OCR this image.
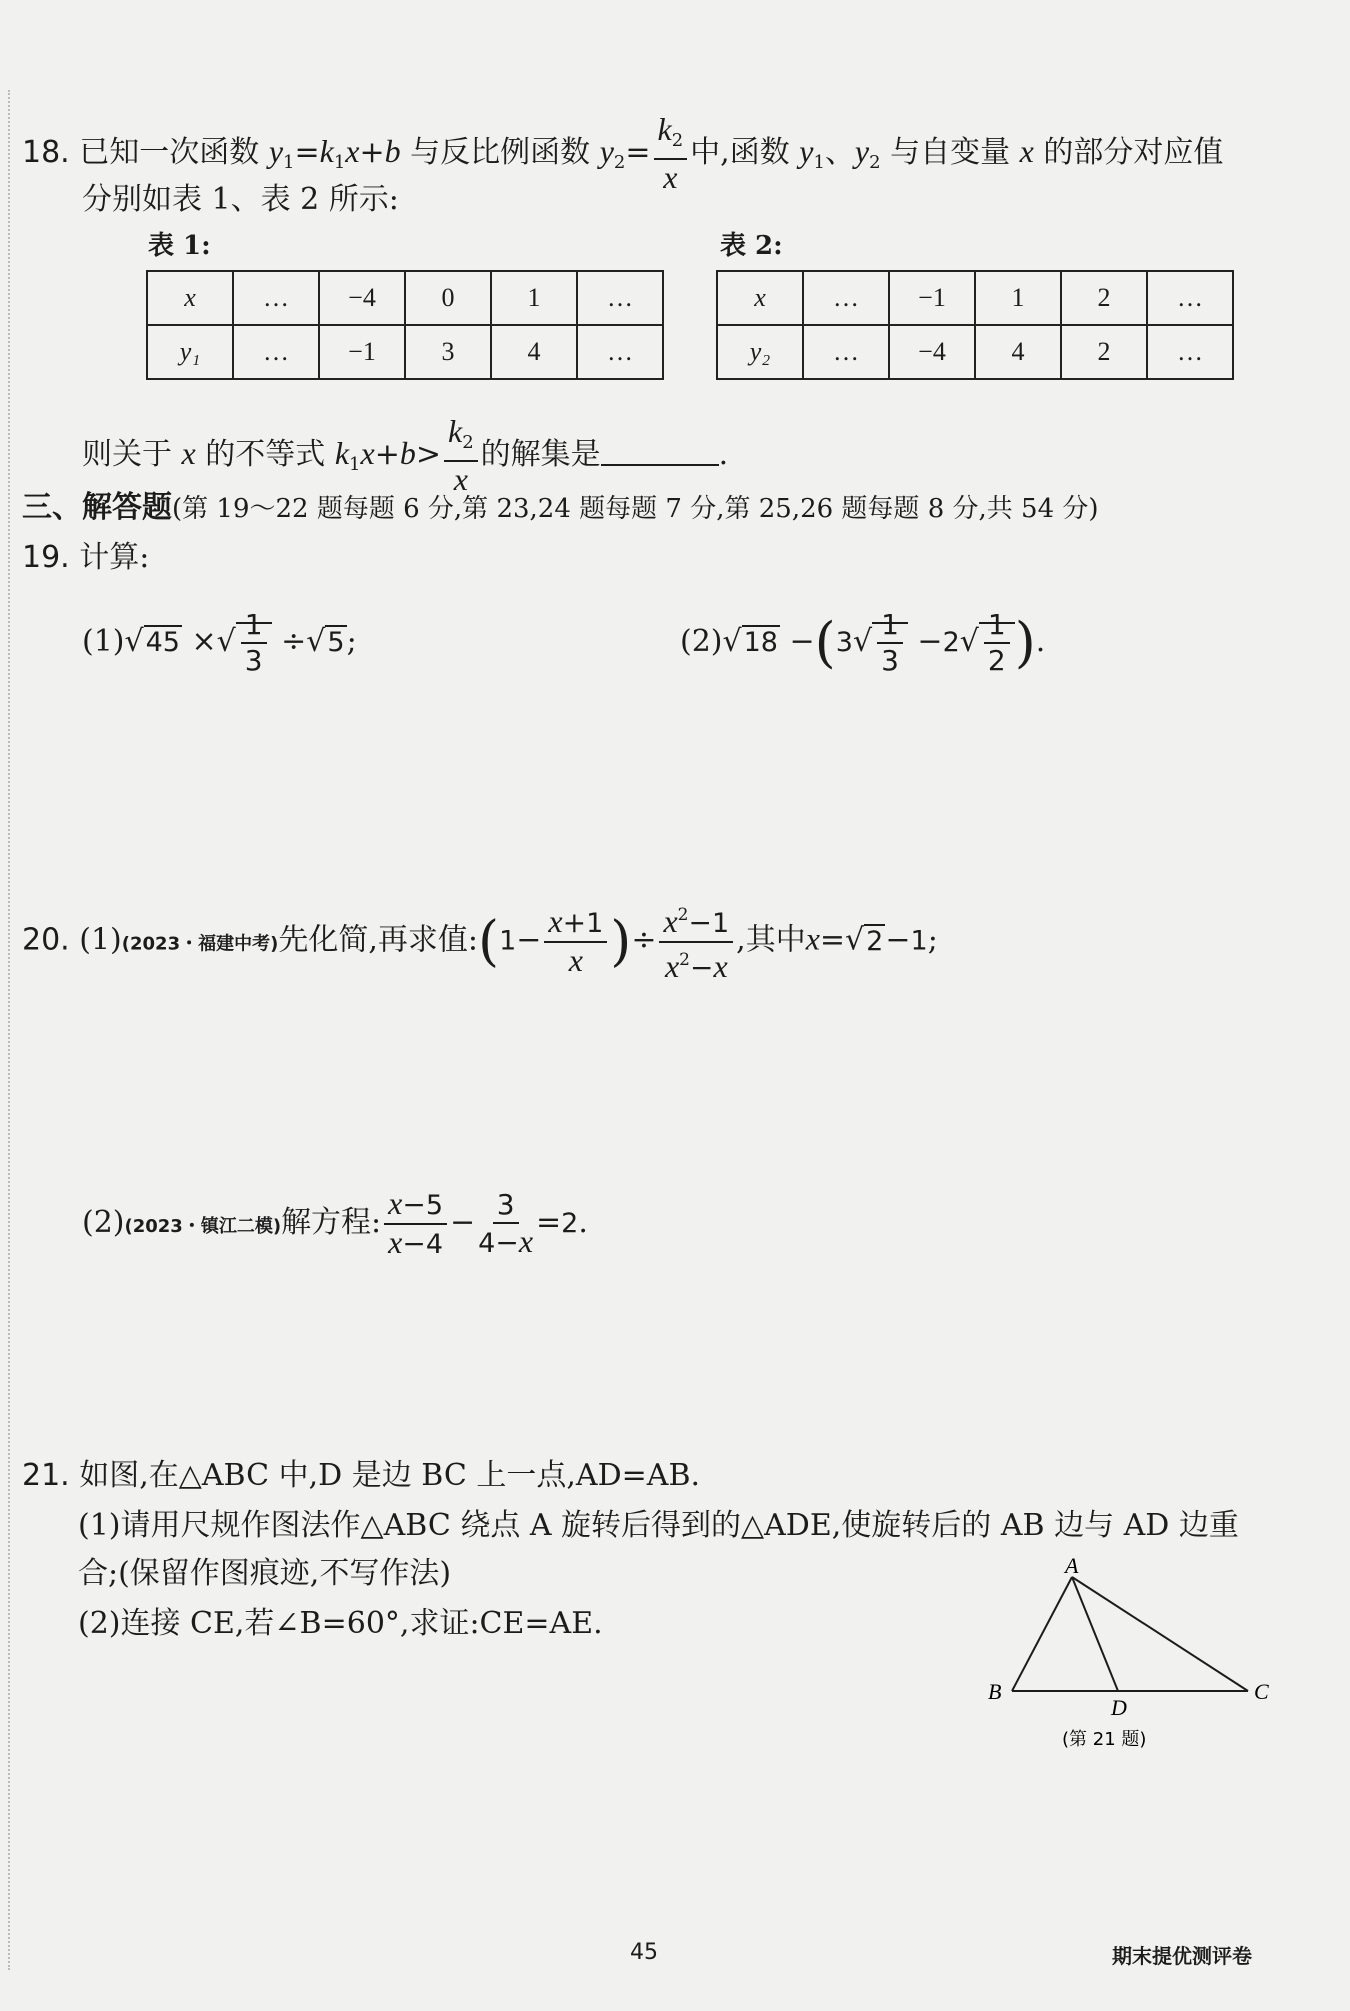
18. 已知一次函数 $y_1=k_1x+b$ 与反比例函数 $y_2= \frac{k_2}{x}$ 中,函数 $y_1$、$y_2$ 与自变量 x 的部分对应值
分别如表 1、表 2 所示:
表 1:
x	…	−4	0	1	…
y₁	…	−1	3	4	…
表 2:
x	…	−1	1	2	…
y₂	…	−4	4	2	…
则关于 x 的不等式 $k_1x+b> \frac{k_2}{x}$ 的解集是	.
三、解答题(第 19～22 题每题 6 分,第 23,24 题每题 7 分,第 25,26 题每题 8 分,共 54 分)
19. 计算:
(1)√45 ×√ $\frac{1}{3} \div√5$;	$(2)√18 -(3√ \frac{1}{3} -2√ \frac{1}{2}$ ).
20. (1)(2023・福建中考)先化简,再求值:(1− $\frac{x+1}{x}$ )÷ $\frac{x^2-1}{x^2-x}$ ,其中x=√2−1;
(2)(2023・镇江二模)解方程: $\frac{x-5}{x-4} - \frac{3}{4-x} =2$.
21. 如图,在△ABC 中,D 是边 BC 上一点,AD=AB.
(1)请用尺规作图法作△ABC 绕点 A 旋转后得到的△ADE,使旋转后的 AB 边与 AD 边重
合;(保留作图痕迹,不写作法)
(2)连接 CE,若∠B=60°,求证:CE=AE.
A
B	C
D
(第 21 题)
45	期末提优测评卷
